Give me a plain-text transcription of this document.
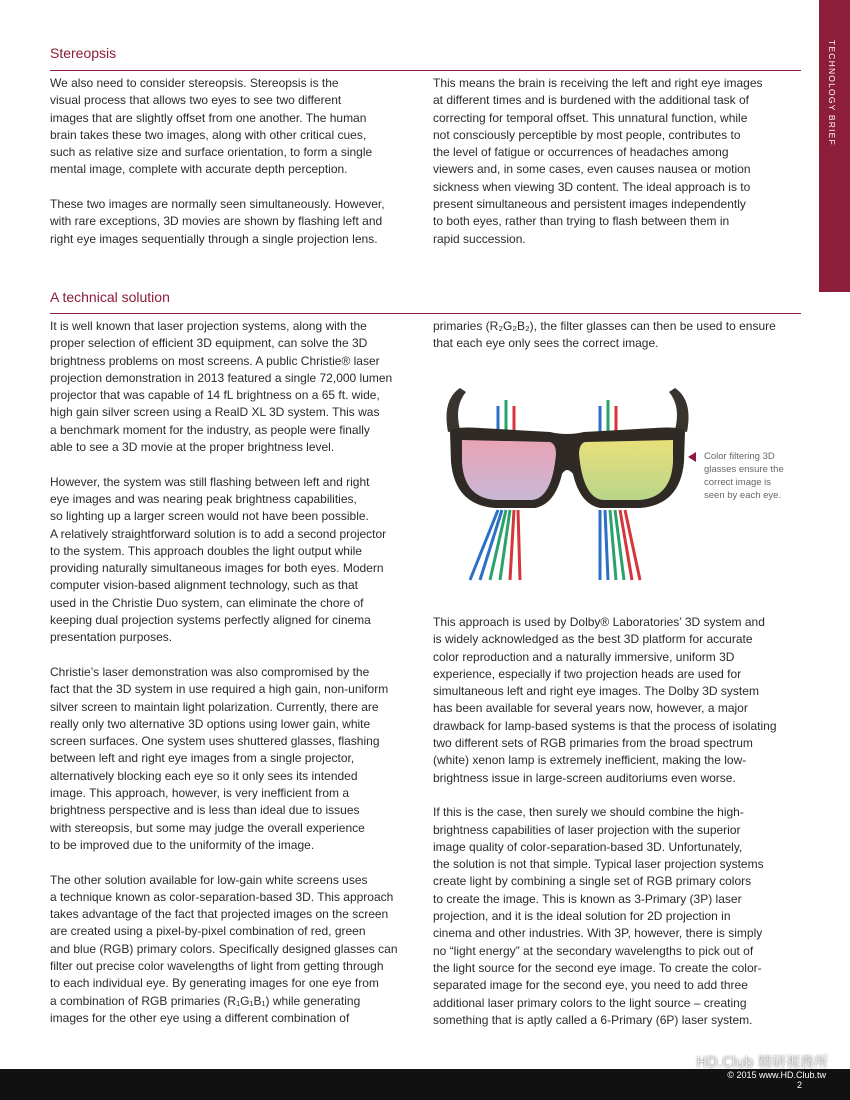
TECHNOLOGY BRIEF
Stereopsis

We also need to consider stereopsis. Stereopsis is the
visual process that allows two eyes to see two different
images that are slightly offset from one another. The human
brain takes these two images, along with other critical cues,
such as relative size and surface orientation, to form a single
mental image, complete with accurate depth perception.

These two images are normally seen simultaneously. However,
with rare exceptions, 3D movies are shown by flashing left and
right eye images sequentially through a single projection lens.

This means the brain is receiving the left and right eye images
at different times and is burdened with the additional task of
correcting for temporal offset. This unnatural function, while
not consciously perceptible by most people, contributes to
the level of fatigue or occurrences of headaches among
viewers and, in some cases, even causes nausea or motion
sickness when viewing 3D content. The ideal approach is to
present simultaneous and persistent images independently
to both eyes, rather than trying to flash between them in
rapid succession.

A technical solution

It is well known that laser projection systems, along with the
proper selection of efficient 3D equipment, can solve the 3D
brightness problems on most screens. A public Christie® laser
projection demonstration in 2013 featured a single 72,000 lumen
projector that was capable of 14 fL brightness on a 65 ft. wide,
high gain silver screen using a RealD XL 3D system. This was
a benchmark moment for the industry, as people were finally
able to see a 3D movie at the proper brightness level.

However, the system was still flashing between left and right
eye images and was nearing peak brightness capabilities,
so lighting up a larger screen would not have been possible.
A relatively straightforward solution is to add a second projector
to the system. This approach doubles the light output while
providing naturally simultaneous images for both eyes. Modern
computer vision-based alignment technology, such as that
used in the Christie Duo system, can eliminate the chore of
keeping dual projection systems perfectly aligned for cinema
presentation purposes.

Christie’s laser demonstration was also compromised by the
fact that the 3D system in use required a high gain, non-uniform
silver screen to maintain light polarization. Currently, there are
really only two alternative 3D options using lower gain, white
screen surfaces. One system uses shuttered glasses, flashing
between left and right eye images from a single projector,
alternatively blocking each eye so it only sees its intended
image. This approach, however, is very inefficient from a
brightness perspective and is less than ideal due to issues
with stereopsis, but some may judge the overall experience
to be improved due to the uniformity of the image.

The other solution available for low-gain white screens uses
a technique known as color-separation-based 3D. This approach
takes advantage of the fact that projected images on the screen
are created using a pixel-by-pixel combination of red, green
and blue (RGB) primary colors. Specifically designed glasses can
filter out precise color wavelengths of light from getting through
to each individual eye. By generating images for one eye from
a combination of RGB primaries (R₁G₁B₁) while generating
images for the other eye using a different combination of

primaries (R₂G₂B₂), the filter glasses can then be used to ensure
that each eye only sees the correct image.

Color filtering 3D
glasses ensure the
correct image is
seen by each eye.

This approach is used by Dolby® Laboratories’ 3D system and
is widely acknowledged as the best 3D platform for accurate
color reproduction and a naturally immersive, uniform 3D
experience, especially if two projection heads are used for
simultaneous left and right eye images. The Dolby 3D system
has been available for several years now, however, a major
drawback for lamp-based systems is that the process of isolating
two different sets of RGB primaries from the broad spectrum
(white) xenon lamp is extremely inefficient, making the low-
brightness issue in large-screen auditoriums even worse.

If this is the case, then surely we should combine the high-
brightness capabilities of laser projection with the superior
image quality of color-separation-based 3D. Unfortunately,
the solution is not that simple. Typical laser projection systems
create light by combining a single set of RGB primary colors
to create the image. This is known as 3-Primary (3P) laser
projection, and it is the ideal solution for 2D projection in
cinema and other industries. With 3P, however, there is simply
no “light energy” at the secondary wavelengths to pick out of
the light source for the second eye image. To create the color-
separated image for the second eye, you need to add three
additional laser primary colors to the light source – creating
something that is aptly called a 6-Primary (6P) laser system.

HD.Club 精研視務所
© 2015 www.HD.Club.tw
2
